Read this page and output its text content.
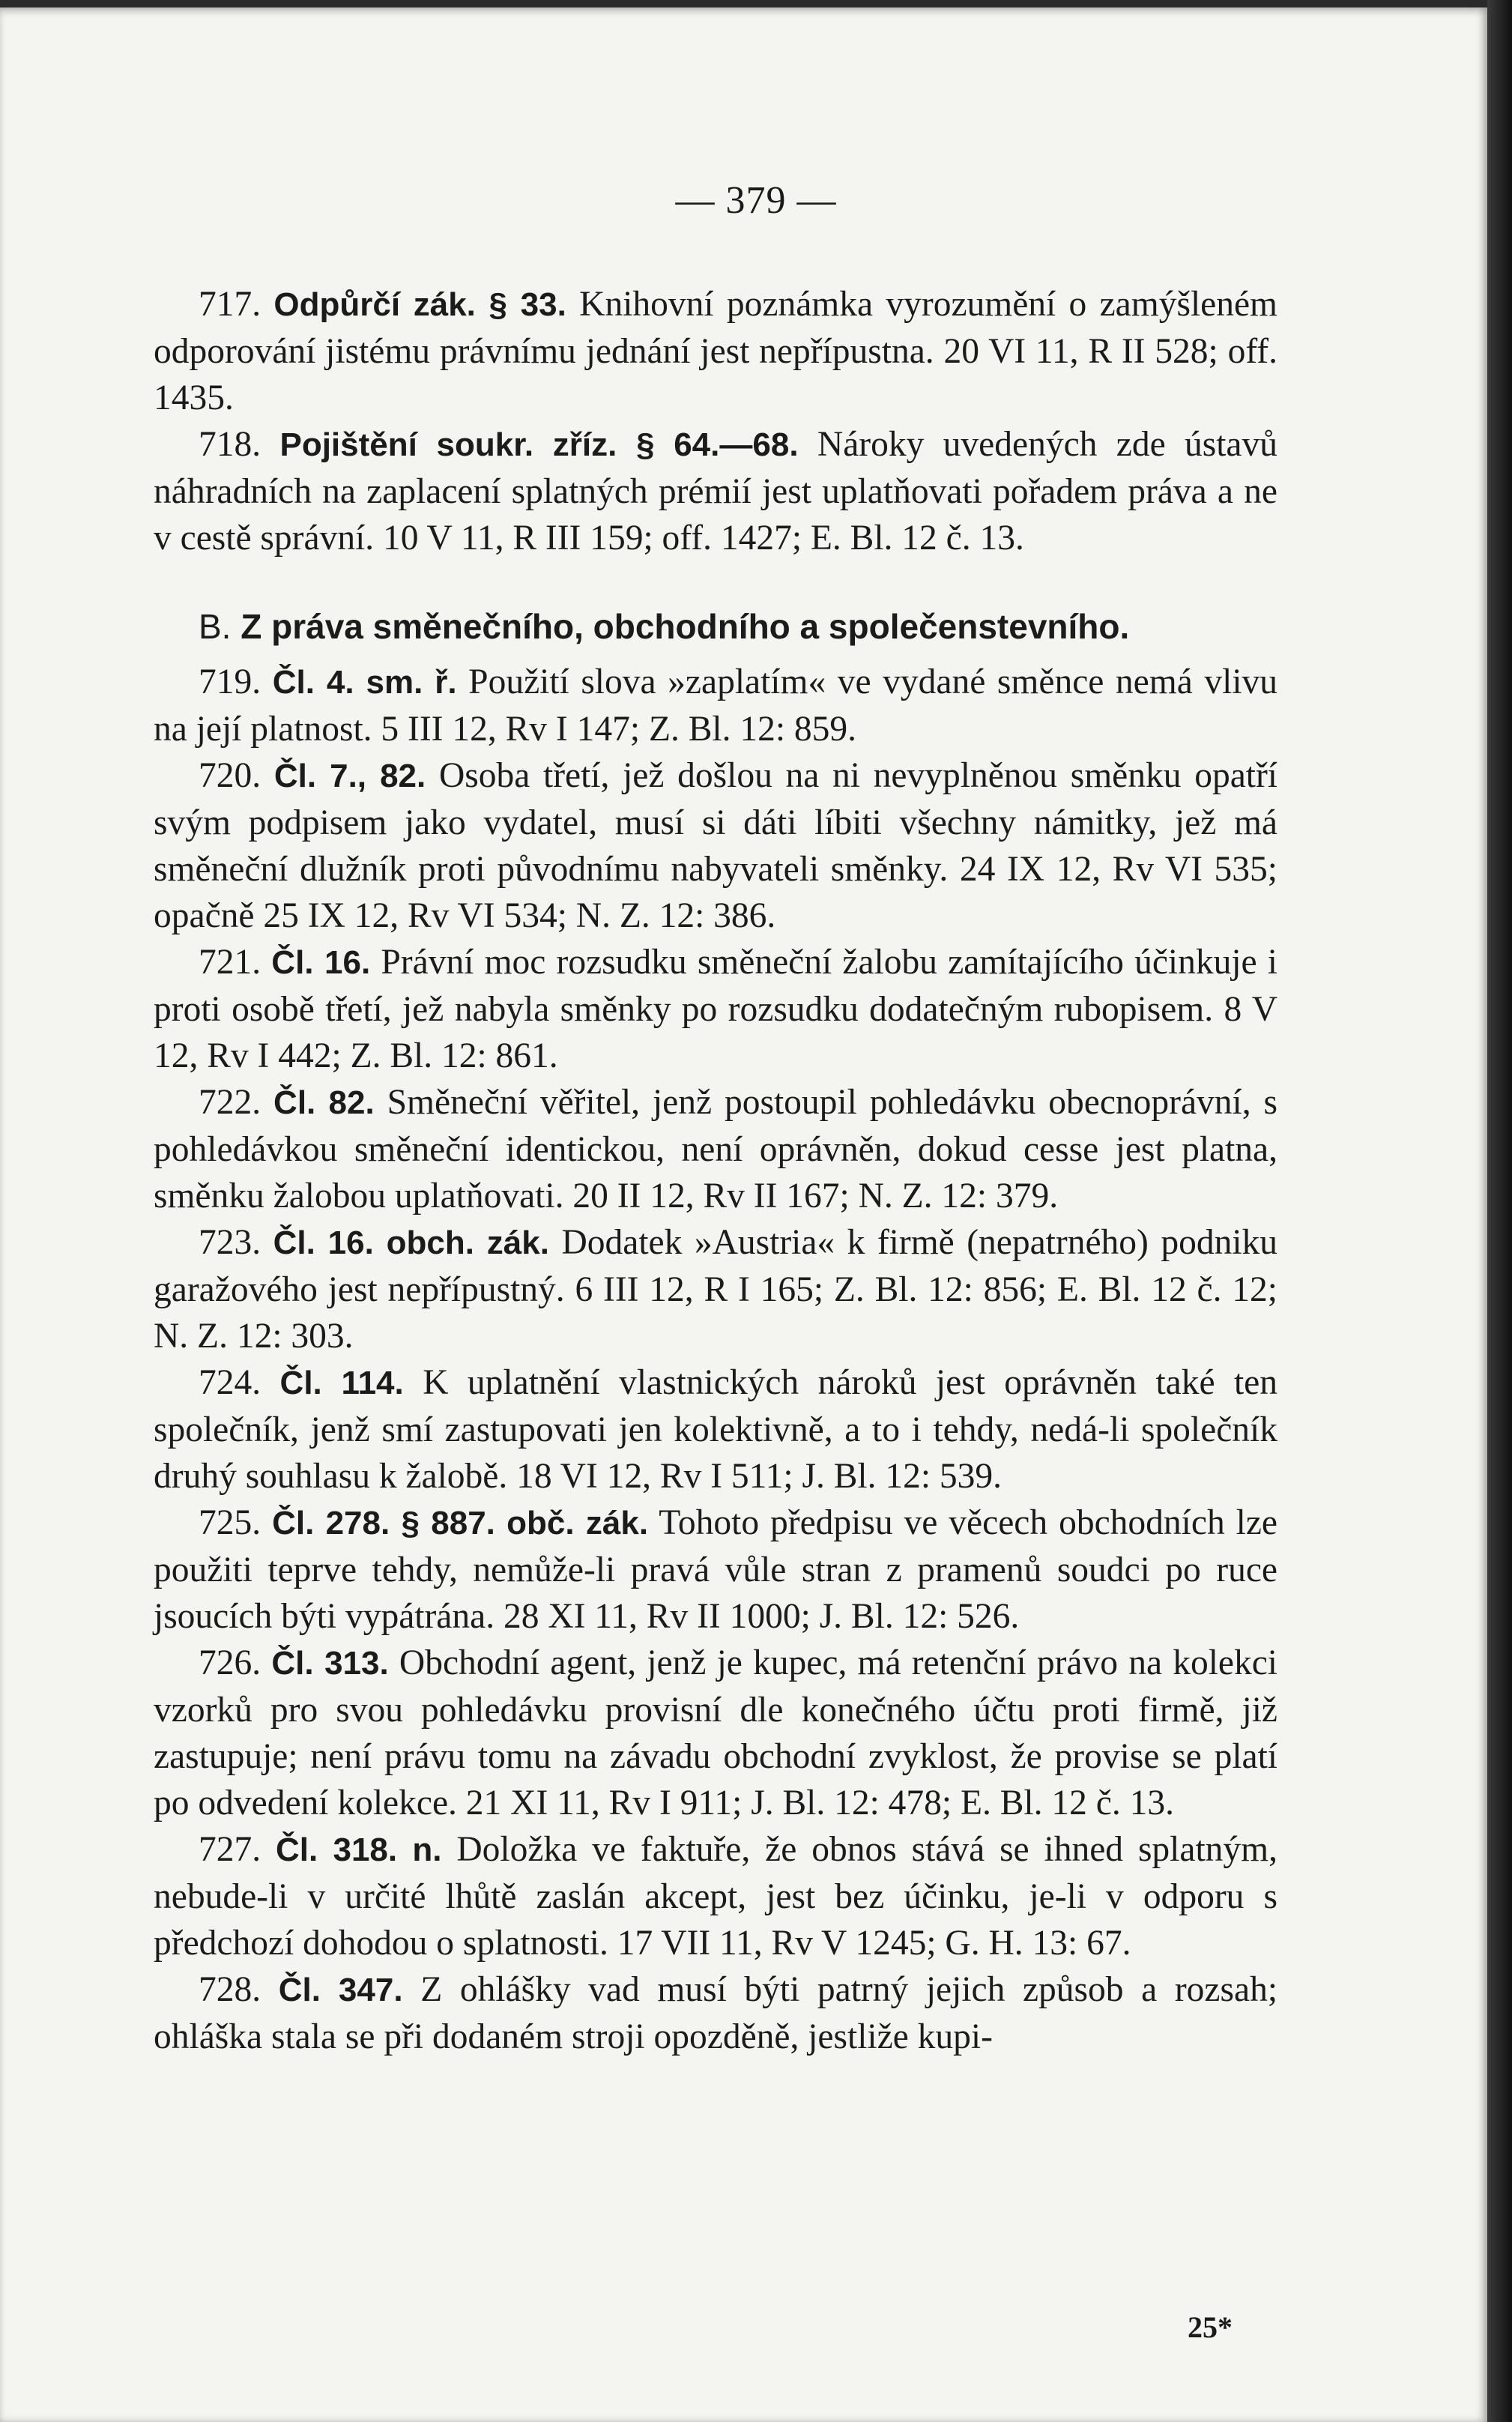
— 379 —

717. Odpůrčí zák. § 33. Knihovní poznámka vyrozumění o zamýšleném odporování jistému právnímu jednání jest nepřípustna. 20 VI 11, R II 528; off. 1435.

718. Pojištění soukr. zříz. § 64.—68. Nároky uvedených zde ústavů náhradních na zaplacení splatných prémií jest uplatňovati pořadem práva a ne v cestě správní. 10 V 11, R III 159; off. 1427; E. Bl. 12 č. 13.

B. Z práva směnečního, obchodního a společenstevního.

719. Čl. 4. sm. ř. Použití slova »zaplatím« ve vydané směnce nemá vlivu na její platnost. 5 III 12, Rv I 147; Z. Bl. 12: 859.

720. Čl. 7., 82. Osoba třetí, jež došlou na ni nevyplněnou směnku opatří svým podpisem jako vydatel, musí si dáti líbiti všechny námitky, jež má směneční dlužník proti původnímu nabyvateli směnky. 24 IX 12, Rv VI 535; opačně 25 IX 12, Rv VI 534; N. Z. 12: 386.

721. Čl. 16. Právní moc rozsudku směneční žalobu zamítajícího účinkuje i proti osobě třetí, jež nabyla směnky po rozsudku dodatečným rubopisem. 8 V 12, Rv I 442; Z. Bl. 12: 861.

722. Čl. 82. Směneční věřitel, jenž postoupil pohledávku obecnoprávní, s pohledávkou směneční identickou, není oprávněn, dokud cesse jest platna, směnku žalobou uplatňovati. 20 II 12, Rv II 167; N. Z. 12: 379.

723. Čl. 16. obch. zák. Dodatek »Austria« k firmě (nepatrného) podniku garažového jest nepřípustný. 6 III 12, R I 165; Z. Bl. 12: 856; E. Bl. 12 č. 12; N. Z. 12: 303.

724. Čl. 114. K uplatnění vlastnických nároků jest oprávněn také ten společník, jenž smí zastupovati jen kolektivně, a to i tehdy, nedá-li společník druhý souhlasu k žalobě. 18 VI 12, Rv I 511; J. Bl. 12: 539.

725. Čl. 278. § 887. obč. zák. Tohoto předpisu ve věcech obchodních lze použiti teprve tehdy, nemůže-li pravá vůle stran z pramenů soudci po ruce jsoucích býti vypátrána. 28 XI 11, Rv II 1000; J. Bl. 12: 526.

726. Čl. 313. Obchodní agent, jenž je kupec, má retenční právo na kolekci vzorků pro svou pohledávku provisní dle konečného účtu proti firmě, již zastupuje; není právu tomu na závadu obchodní zvyklost, že provise se platí po odvedení kolekce. 21 XI 11, Rv I 911; J. Bl. 12: 478; E. Bl. 12 č. 13.

727. Čl. 318. n. Doložka ve faktuře, že obnos stává se ihned splatným, nebude-li v určité lhůtě zaslán akcept, jest bez účinku, je-li v odporu s předchozí dohodou o splatnosti. 17 VII 11, Rv V 1245; G. H. 13: 67.

728. Čl. 347. Z ohlášky vad musí býti patrný jejich způsob a rozsah; ohláška stala se při dodaném stroji opozděně, jestliže kupi-

25*
